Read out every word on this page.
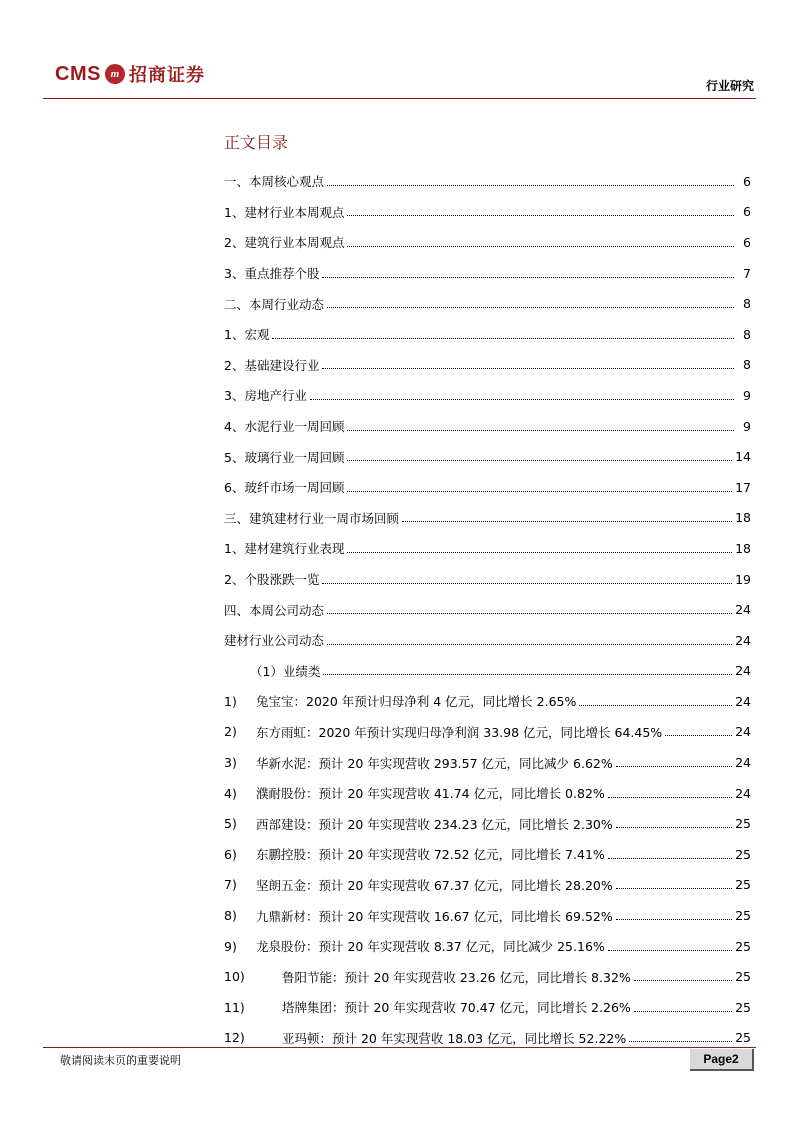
CMS m 招商证券	行业研究
正文目录
一、本周核心观点	6
1、建材行业本周观点	6
2、建筑行业本周观点	6
3、重点推荐个股	7
二、本周行业动态	8
1、宏观	8
2、基础建设行业	8
3、房地产行业	9
4、水泥行业一周回顾	9
5、玻璃行业一周回顾	14
6、玻纤市场一周回顾	17
三、建筑建材行业一周市场回顾	18
1、建材建筑行业表现	18
2、个股涨跌一览	19
四、本周公司动态	24
建材行业公司动态	24
（1）业绩类	24
1)	兔宝宝：2020 年预计归母净利 4 亿元，同比增长 2.65%	24
2)	东方雨虹：2020 年预计实现归母净利润 33.98 亿元，同比增长 64.45%	24
3)	华新水泥：预计 20 年实现营收 293.57 亿元，同比减少 6.62%	24
4)	濮耐股份：预计 20 年实现营收 41.74 亿元，同比增长 0.82%	24
5)	西部建设：预计 20 年实现营收 234.23 亿元，同比增长 2.30%	25
6)	东鹏控股：预计 20 年实现营收 72.52 亿元，同比增长 7.41%	25
7)	坚朗五金：预计 20 年实现营收 67.37 亿元，同比增长 28.20%	25
8)	九鼎新材：预计 20 年实现营收 16.67 亿元，同比增长 69.52%	25
9)	龙泉股份：预计 20 年实现营收 8.37 亿元，同比减少 25.16%	25
10)	鲁阳节能：预计 20 年实现营收 23.26 亿元，同比增长 8.32%	25
11)	塔牌集团：预计 20 年实现营收 70.47 亿元，同比增长 2.26%	25
12)	亚玛顿：预计 20 年实现营收 18.03 亿元，同比增长 52.22%	25
敬请阅读末页的重要说明	Page2
